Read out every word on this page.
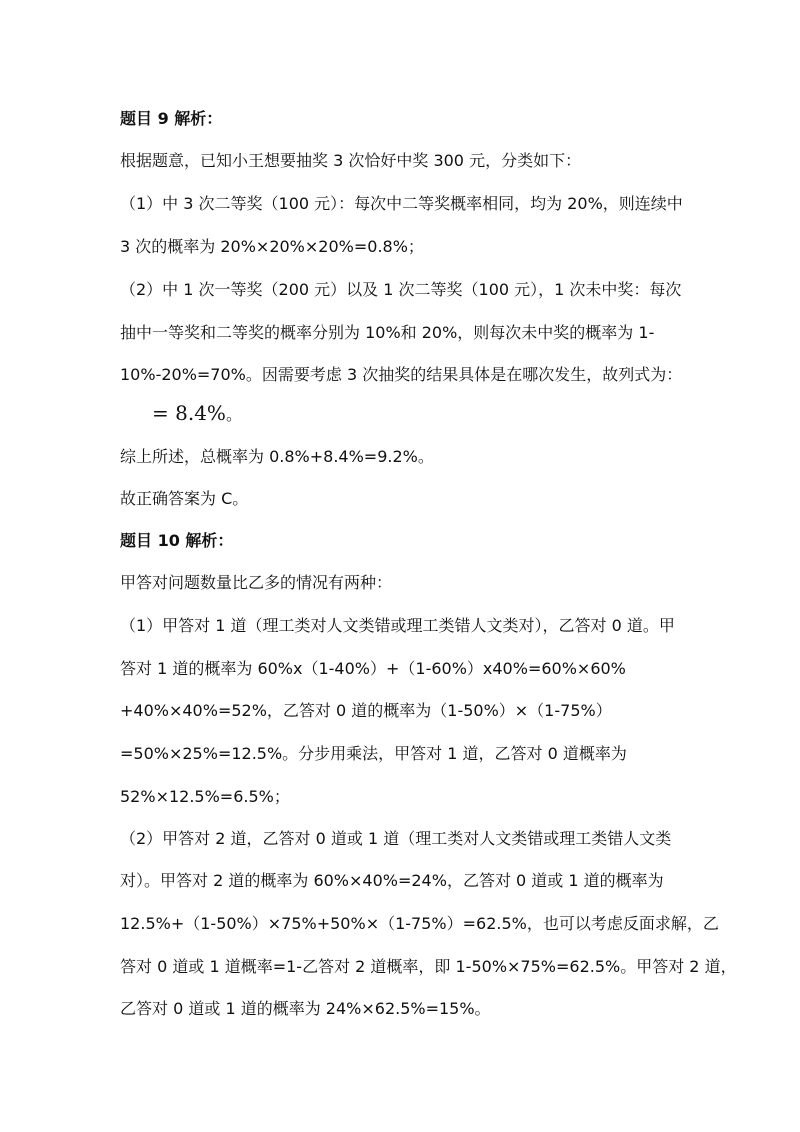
题目 9 解析：
根据题意，已知小王想要抽奖 3 次恰好中奖 300 元，分类如下：
（1）中 3 次二等奖（100 元）：每次中二等奖概率相同，均为 20%，则连续中
3 次的概率为 20%×20%×20%=0.8%；
（2）中 1 次一等奖（200 元）以及 1 次二等奖（100 元），1 次未中奖：每次
抽中一等奖和二等奖的概率分别为 10%和 20%，则每次未中奖的概率为 1-
10%-20%=70%。因需要考虑 3 次抽奖的结果具体是在哪次发生，故列式为：
= 8.4%。
综上所述，总概率为 0.8%+8.4%=9.2%。
故正确答案为 C。
题目 10 解析：
甲答对问题数量比乙多的情况有两种：
（1）甲答对 1 道（理工类对人文类错或理工类错人文类对），乙答对 0 道。甲
答对 1 道的概率为 60%x（1-40%）+（1-60%）x40%=60%×60%
+40%×40%=52%，乙答对 0 道的概率为（1-50%）×（1-75%）
=50%×25%=12.5%。分步用乘法，甲答对 1 道，乙答对 0 道概率为
52%×12.5%=6.5%；
（2）甲答对 2 道，乙答对 0 道或 1 道（理工类对人文类错或理工类错人文类
对）。甲答对 2 道的概率为 60%×40%=24%，乙答对 0 道或 1 道的概率为
12.5%+（1-50%）×75%+50%×（1-75%）=62.5%，也可以考虑反面求解，乙
答对 0 道或 1 道概率=1-乙答对 2 道概率，即 1-50%×75%=62.5%。甲答对 2 道，
乙答对 0 道或 1 道的概率为 24%×62.5%=15%。
